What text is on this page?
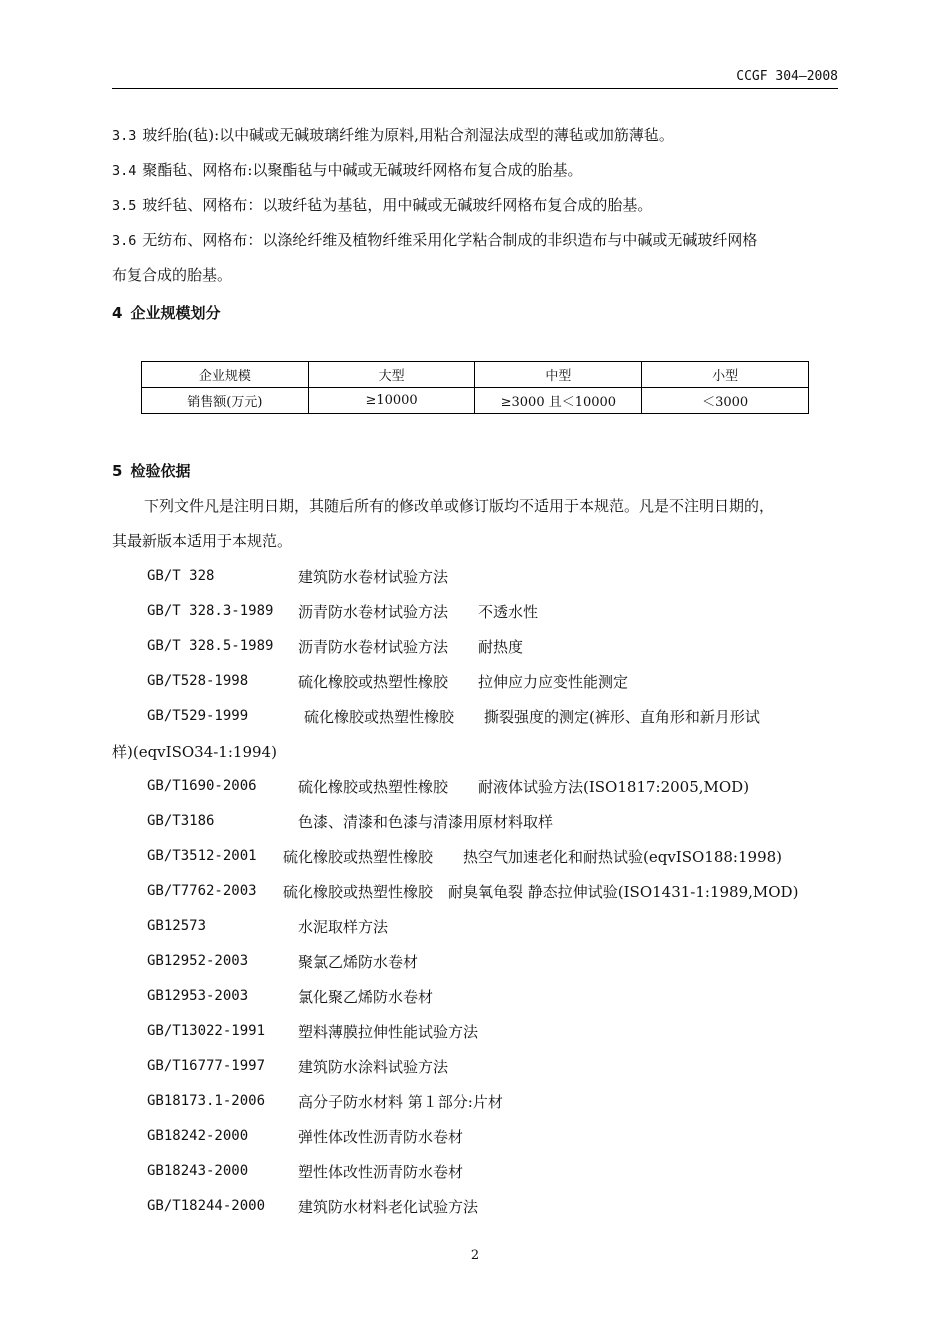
CCGF 304—2008
3.3 玻纤胎(毡):以中碱或无碱玻璃纤维为原料,用粘合剂湿法成型的薄毡或加筋薄毡。
3.4 聚酯毡、网格布:以聚酯毡与中碱或无碱玻纤网格布复合成的胎基。
3.5 玻纤毡、网格布：以玻纤毡为基毡，用中碱或无碱玻纤网格布复合成的胎基。
3.6 无纺布、网格布：以涤纶纤维及植物纤维采用化学粘合制成的非织造布与中碱或无碱玻纤网格
布复合成的胎基。
4 企业规模划分
企业规模	大型	中型	小型
销售额(万元)	≥10000	≥3000 且＜10000	＜3000
5 检验依据
下列文件凡是注明日期，其随后所有的修改单或修订版均不适用于本规范。凡是不注明日期的，
其最新版本适用于本规范。
GB/T 328	建筑防水卷材试验方法
GB/T 328.3-1989 沥青防水卷材试验方法　　不透水性
GB/T 328.5-1989 沥青防水卷材试验方法　　耐热度
GB/T528-1998	硫化橡胶或热塑性橡胶　　拉伸应力应变性能测定
GB/T529-1999	硫化橡胶或热塑性橡胶　　撕裂强度的测定(裤形、直角形和新月形试
样)(eqvISO34-1:1994)
GB/T1690-2006	硫化橡胶或热塑性橡胶　　耐液体试验方法(ISO1817:2005,MOD)
GB/T3186	色漆、清漆和色漆与清漆用原材料取样
GB/T3512-2001 硫化橡胶或热塑性橡胶　　热空气加速老化和耐热试验(eqvISO188:1998)
GB/T7762-2003 硫化橡胶或热塑性橡胶　耐臭氧龟裂 静态拉伸试验(ISO1431-1:1989,MOD)
GB12573	水泥取样方法
GB12952-2003	聚氯乙烯防水卷材
GB12953-2003	氯化聚乙烯防水卷材
GB/T13022-1991 塑料薄膜拉伸性能试验方法
GB/T16777-1997 建筑防水涂料试验方法
GB18173.1-2006 高分子防水材料 第１部分:片材
GB18242-2000	弹性体改性沥青防水卷材
GB18243-2000	塑性体改性沥青防水卷材
GB/T18244-2000 建筑防水材料老化试验方法
2
